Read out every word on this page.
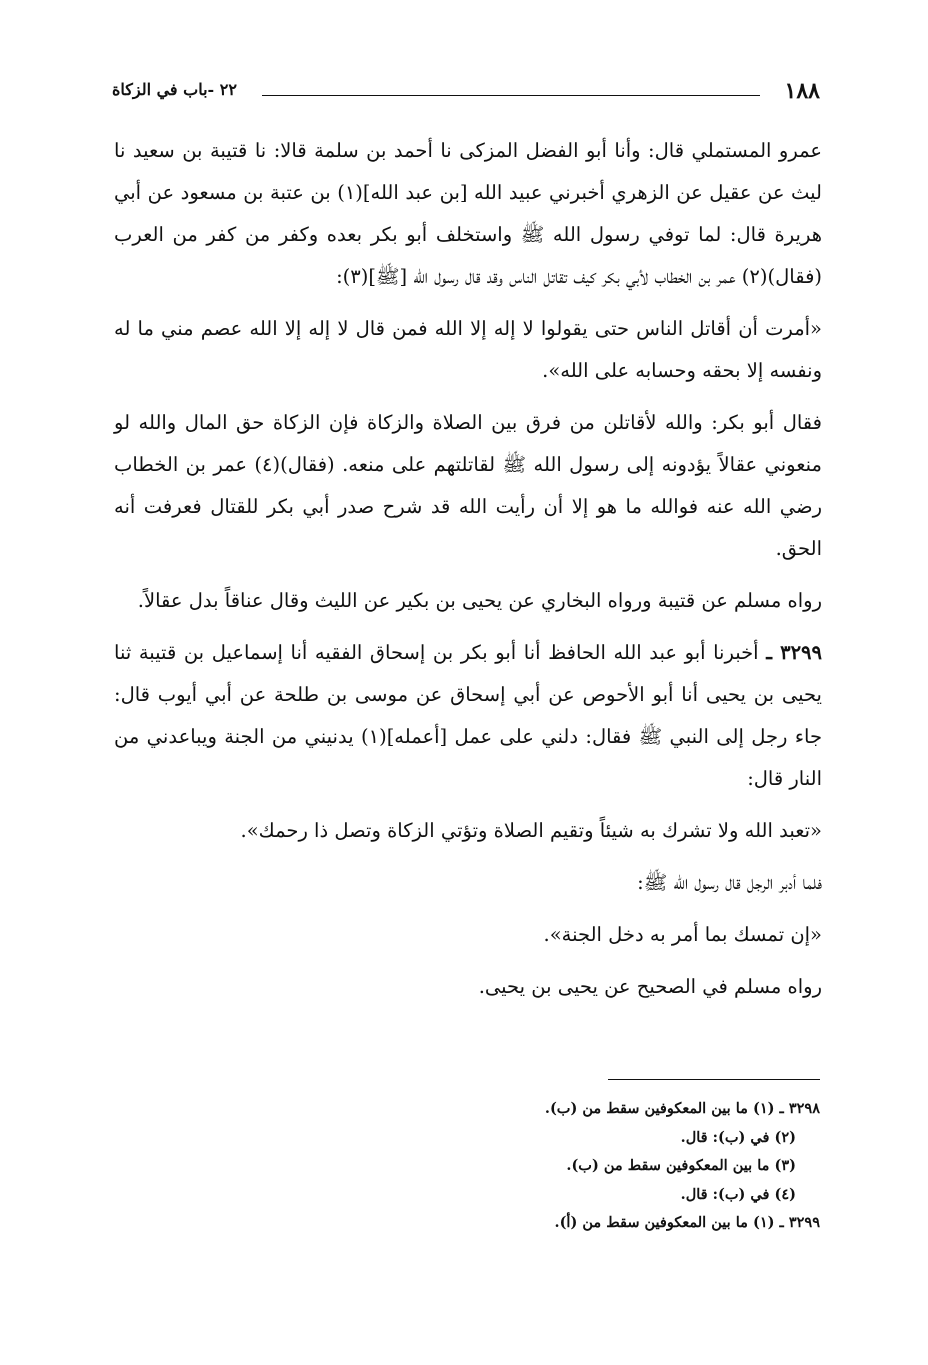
١٨٨
٢٢ -باب في الزكاة

عمرو المستملي قال: وأنا أبو الفضل المزكى نا أحمد بن سلمة قالا: نا قتيبة بن سعيد نا ليث عن عقيل عن الزهري أخبرني عبيد الله [بن عبد الله](١) بن عتبة بن مسعود عن أبي هريرة قال: لما توفي رسول الله ﷺ واستخلف أبو بكر بعده وكفر من كفر من العرب (فقال)(٢) عمر بن الخطاب لأبي بكر كيف تقاتل الناس وقد قال رسول الله [ﷺ](٣):

«أمرت أن أقاتل الناس حتى يقولوا لا إله إلا الله فمن قال لا إله إلا الله عصم مني ما له ونفسه إلا بحقه وحسابه على الله».

فقال أبو بكر: والله لأقاتلن من فرق بين الصلاة والزكاة فإن الزكاة حق المال والله لو منعوني عقالاً يؤدونه إلى رسول الله ﷺ لقاتلتهم على منعه. (فقال)(٤) عمر بن الخطاب رضي الله عنه فوالله ما هو إلا أن رأيت الله قد شرح صدر أبي بكر للقتال فعرفت أنه الحق.

رواه مسلم عن قتيبة ورواه البخاري عن يحيى بن بكير عن الليث وقال عناقاً بدل عقالاً.

٣٢٩٩ ـ أخبرنا أبو عبد الله الحافظ أنا أبو بكر بن إسحاق الفقيه أنا إسماعيل بن قتيبة ثنا يحيى بن يحيى أنا أبو الأحوص عن أبي إسحاق عن موسى بن طلحة عن أبي أيوب قال: جاء رجل إلى النبي ﷺ فقال: دلني على عمل [أعمله](١) يدنيني من الجنة ويباعدني من النار قال:

«تعبد الله ولا تشرك به شيئاً وتقيم الصلاة وتؤتي الزكاة وتصل ذا رحمك».

فلما أدبر الرجل قال رسول الله ﷺ:

«إن تمسك بما أمر به دخل الجنة».

رواه مسلم في الصحيح عن يحيى بن يحيى.

٣٢٩٨ ـ (١) ما بين المعكوفين سقط من (ب).
(٢) في (ب): قال.
(٣) ما بين المعكوفين سقط من (ب).
(٤) في (ب): قال.
٣٢٩٩ ـ (١) ما بين المعكوفين سقط من (أ).
